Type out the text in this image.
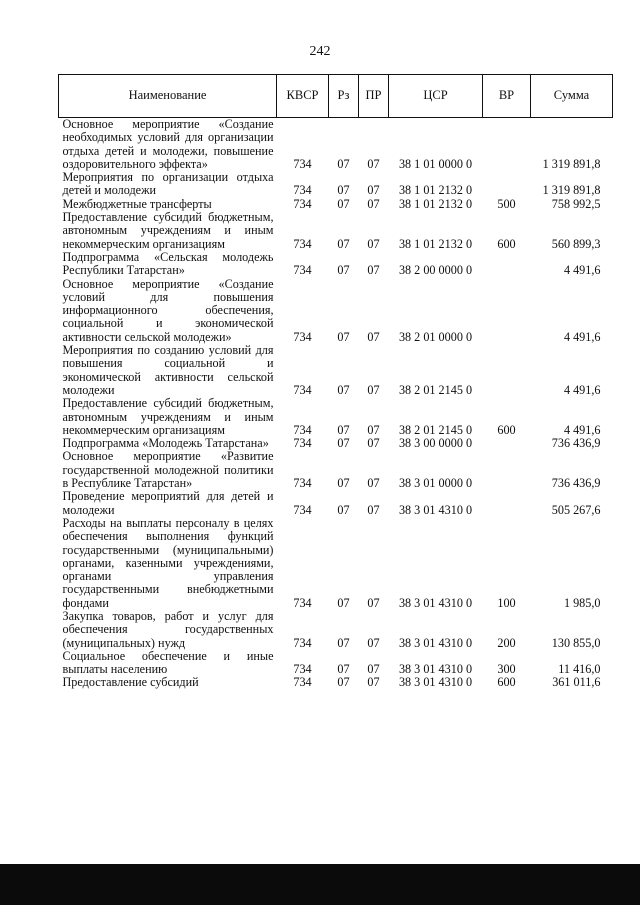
242
Наименование	КВСР	Рз	ПР	ЦСР	ВР	Сумма
Основное мероприятие «Создание необходимых условий для организации отдыха детей и молодежи, повышение оздоровительного эффекта»	734	07	07	38 1 01 0000 0		1 319 891,8
Мероприятия по организации отдыха детей и молодежи	734	07	07	38 1 01 2132 0		1 319 891,8
Межбюджетные трансферты	734	07	07	38 1 01 2132 0	500	758 992,5
Предоставление субсидий бюджетным, автономным учреждениям и иным некоммерческим организациям	734	07	07	38 1 01 2132 0	600	560 899,3
Подпрограмма «Сельская молодежь Республики Татарстан»	734	07	07	38 2 00 0000 0		4 491,6
Основное мероприятие «Создание условий для повышения информационного обеспечения, социальной и экономической активности сельской молодежи»	734	07	07	38 2 01 0000 0		4 491,6
Мероприятия по созданию условий для повышения социальной и экономической активности сельской молодежи	734	07	07	38 2 01 2145 0		4 491,6
Предоставление субсидий бюджетным, автономным учреждениям и иным некоммерческим организациям	734	07	07	38 2 01 2145 0	600	4 491,6
Подпрограмма «Молодежь Татарстана»	734	07	07	38 3 00 0000 0		736 436,9
Основное мероприятие «Развитие государственной молодежной политики в Республике Татарстан»	734	07	07	38 3 01 0000 0		736 436,9
Проведение мероприятий для детей и молодежи	734	07	07	38 3 01 4310 0		505 267,6
Расходы на выплаты персоналу в целях обеспечения выполнения функций государственными (муниципальными) органами, казенными учреждениями, органами управления государственными внебюджетными фондами	734	07	07	38 3 01 4310 0	100	1 985,0
Закупка товаров, работ и услуг для обеспечения государственных (муниципальных) нужд	734	07	07	38 3 01 4310 0	200	130 855,0
Социальное обеспечение и иные выплаты населению	734	07	07	38 3 01 4310 0	300	11 416,0
Предоставление субсидий	734	07	07	38 3 01 4310 0	600	361 011,6
